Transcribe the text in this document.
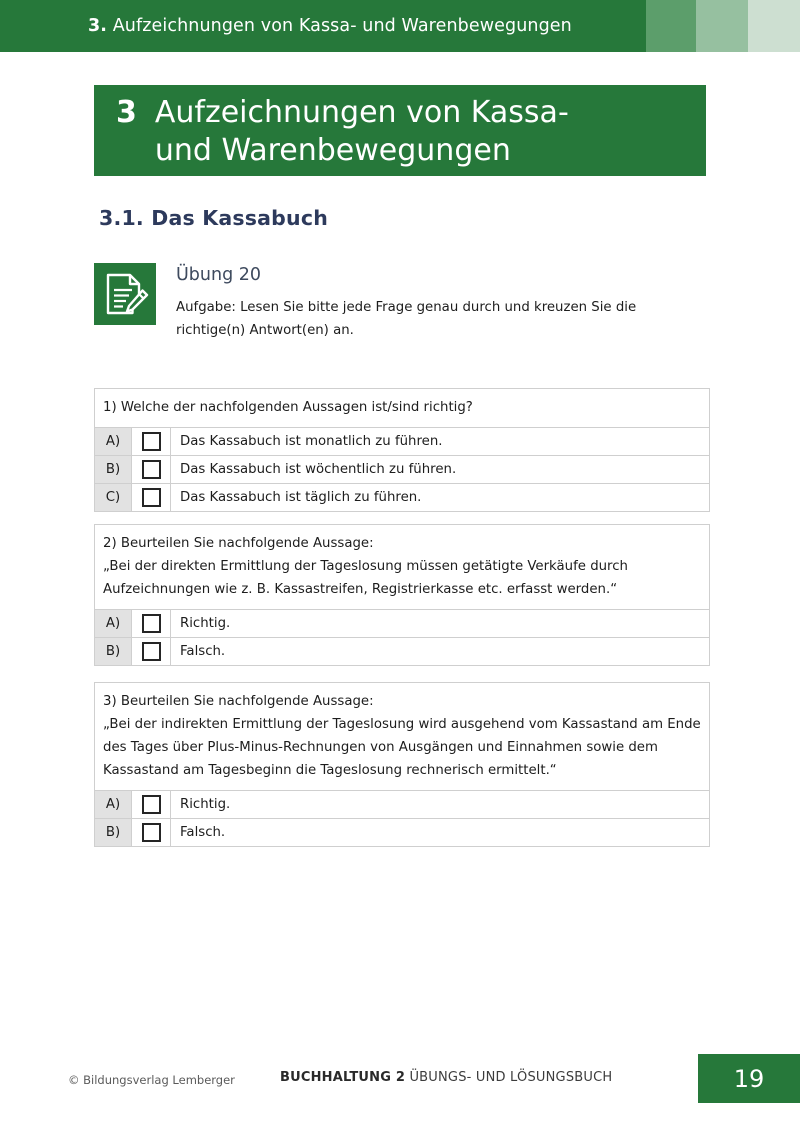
3. Aufzeichnungen von Kassa- und Warenbewegungen
3 Aufzeichnungen von Kassa-
und Warenbewegungen
3.1. Das Kassabuch
Übung 20
Aufgabe: Lesen Sie bitte jede Frage genau durch und kreuzen Sie die
richtige(n) Antwort(en) an.
1) Welche der nachfolgenden Aussagen ist/sind richtig?
A)	Das Kassabuch ist monatlich zu führen.
B)	Das Kassabuch ist wöchentlich zu führen.
C)	Das Kassabuch ist täglich zu führen.
2) Beurteilen Sie nachfolgende Aussage:
„Bei der direkten Ermittlung der Tageslosung müssen getätigte Verkäufe durch
Aufzeichnungen wie z. B. Kassastreifen, Registrierkasse etc. erfasst werden.“
A)	Richtig.
B)	Falsch.
3) Beurteilen Sie nachfolgende Aussage:
„Bei der indirekten Ermittlung der Tageslosung wird ausgehend vom Kassastand am Ende
des Tages über Plus-Minus-Rechnungen von Ausgängen und Einnahmen sowie dem
Kassastand am Tagesbeginn die Tageslosung rechnerisch ermittelt.“
A)	Richtig.
B)	Falsch.
© Bildungsverlag Lemberger	BUCHHALTUNG 2 ÜBUNGS- UND LÖSUNGSBUCH	19
